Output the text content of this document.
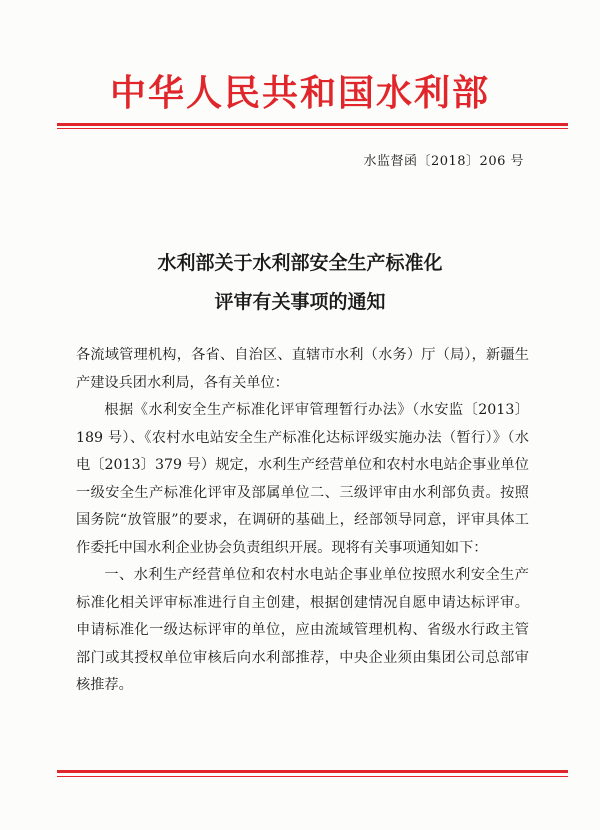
中华人民共和国水利部
水监督函〔2018〕206 号
水利部关于水利部安全生产标准化
评审有关事项的通知

各流域管理机构，各省、自治区、直辖市水利（水务）厅（局），新疆生产建设兵团水利局，各有关单位：

根据《水利安全生产标准化评审管理暂行办法》（水安监〔2013〕189 号）、《农村水电站安全生产标准化达标评级实施办法（暂行）》（水电〔2013〕379 号）规定，水利生产经营单位和农村水电站企事业单位一级安全生产标准化评审及部属单位二、三级评审由水利部负责。按照国务院“放管服”的要求，在调研的基础上，经部领导同意，评审具体工作委托中国水利企业协会负责组织开展。现将有关事项通知如下：

一、水利生产经营单位和农村水电站企事业单位按照水利安全生产标准化相关评审标准进行自主创建，根据创建情况自愿申请达标评审。申请标准化一级达标评审的单位，应由流域管理机构、省级水行政主管部门或其授权单位审核后向水利部推荐，中央企业须由集团公司总部审核推荐。
